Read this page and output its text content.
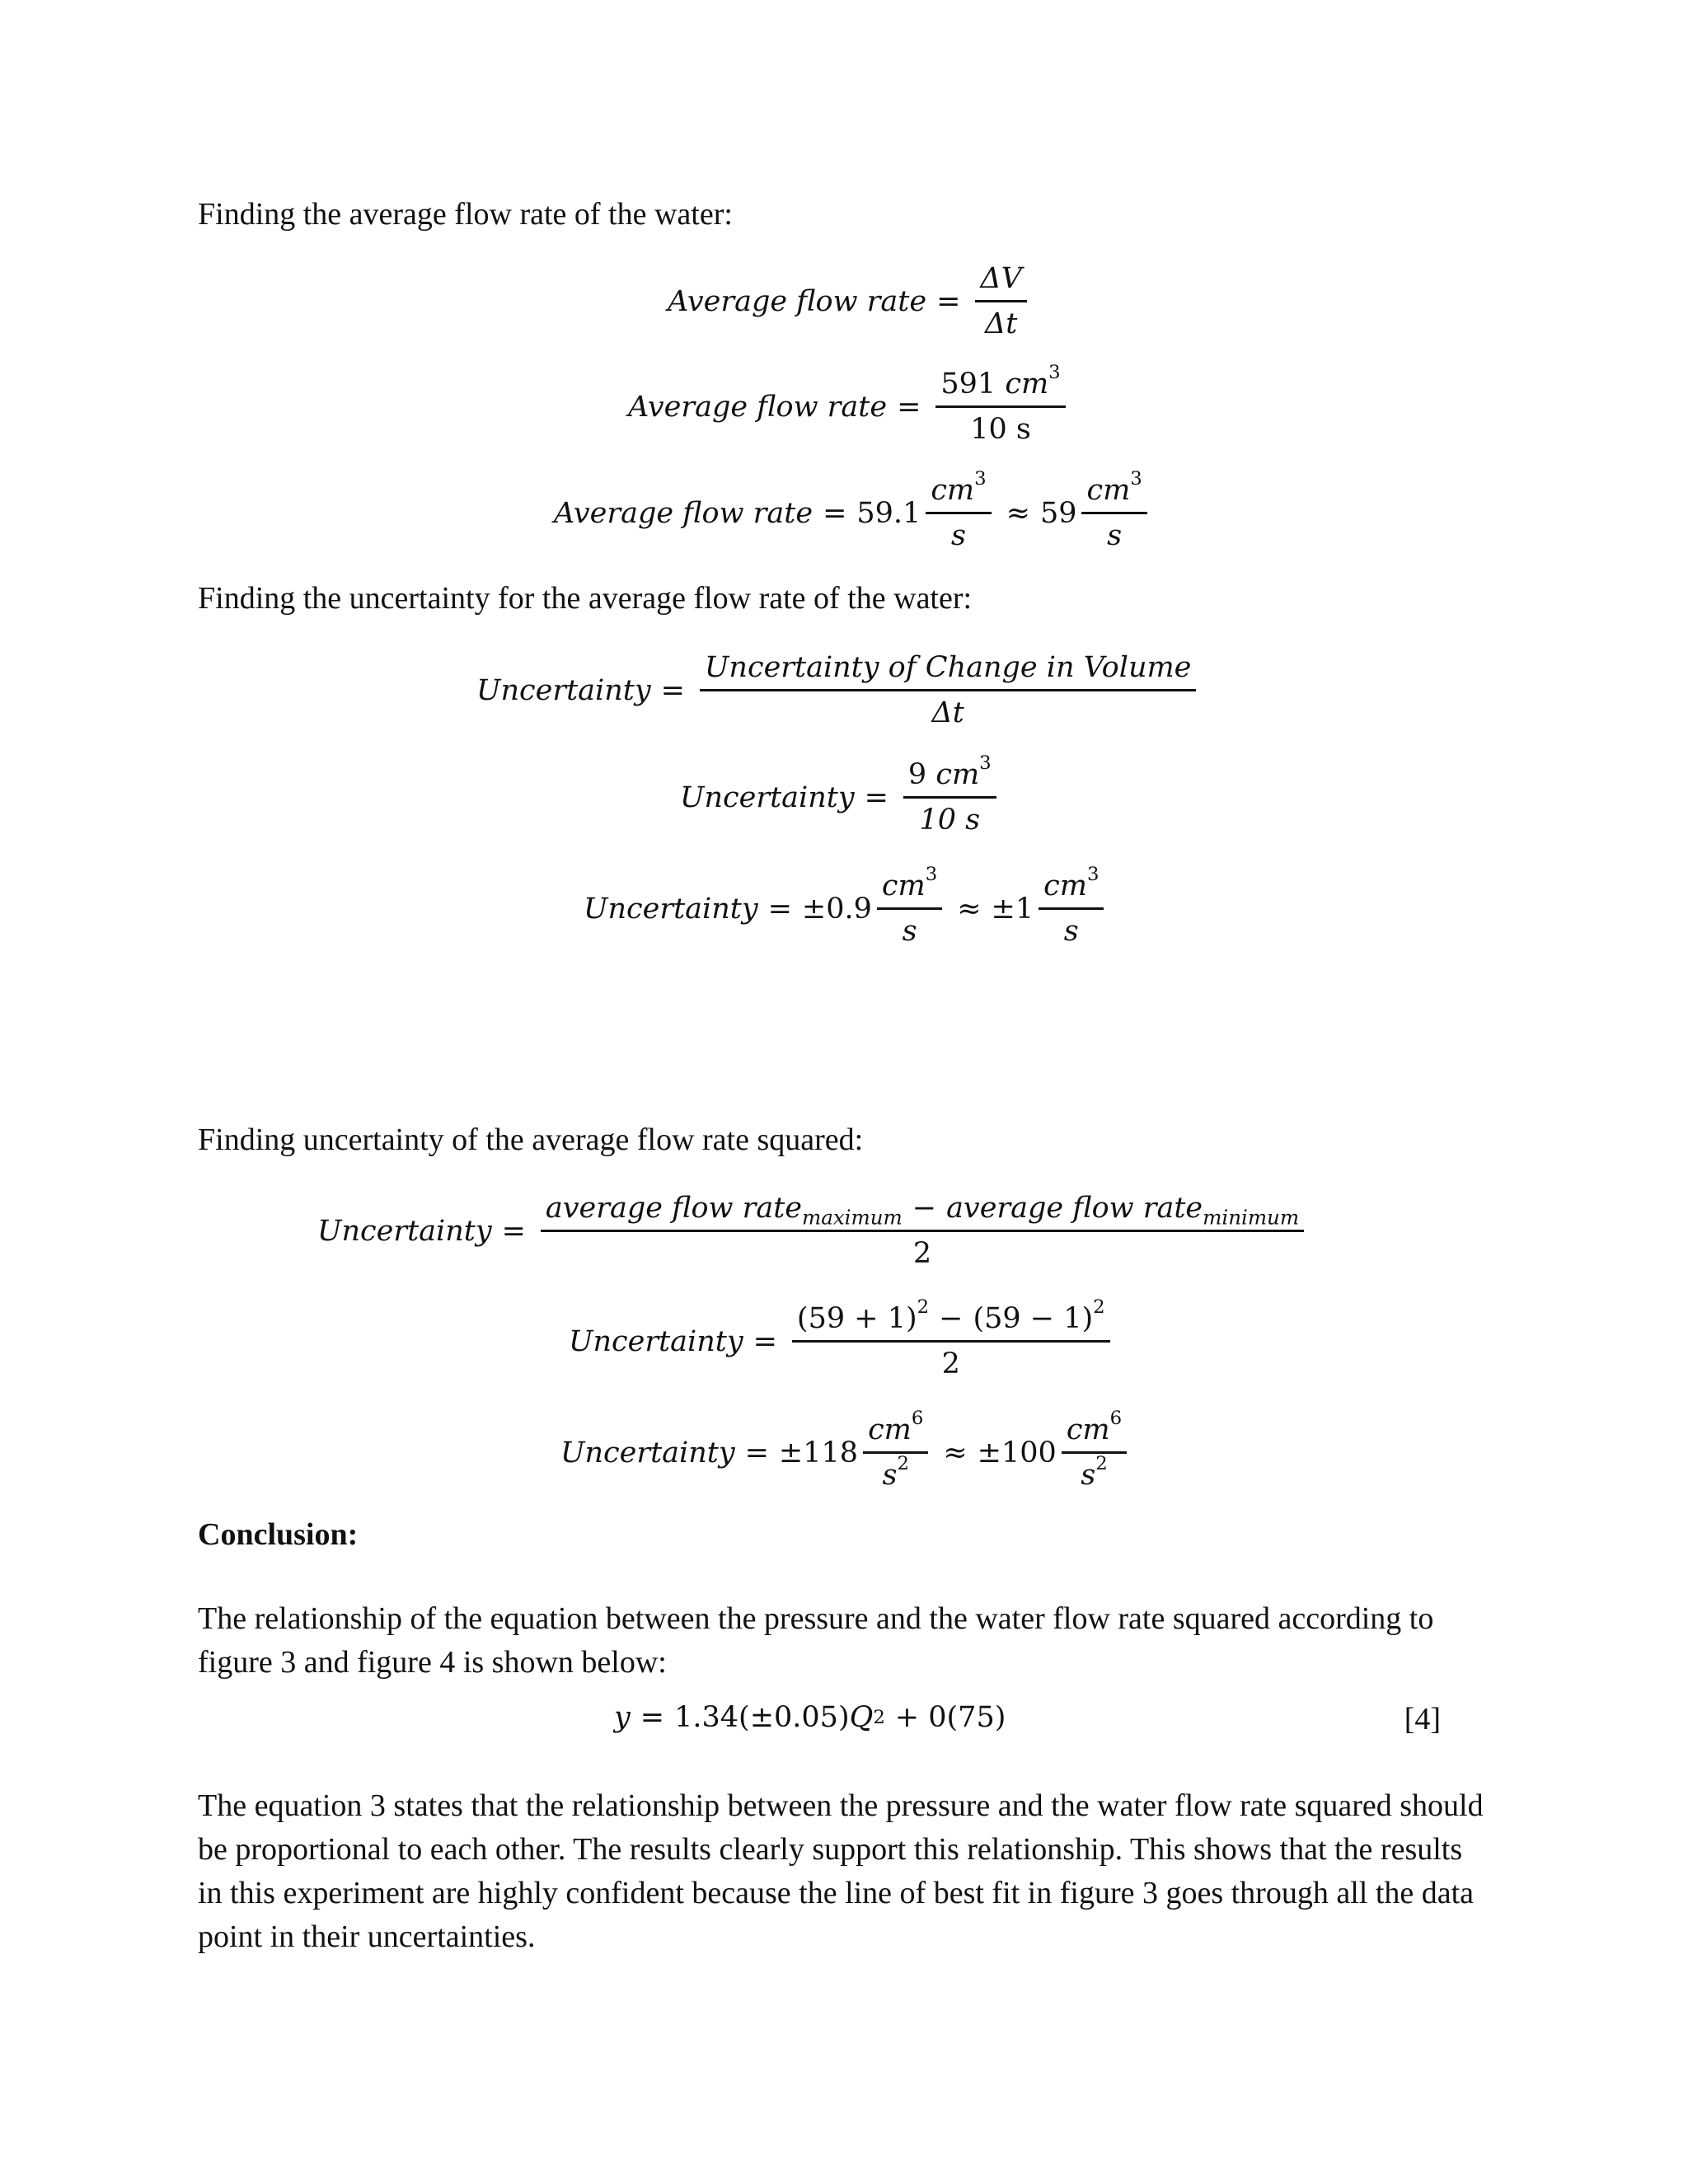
Finding the average flow rate of the water:
Average flow rate = $\frac{\Delta V}{\Delta t}$
Average flow rate = $\frac{591 cm^3}{10 s}$
Average flow rate = $59.1 \frac{cm^3}{s} \approx 59 \frac{cm^3}{s}$
Finding the uncertainty for the average flow rate of the water:
Uncertainty = $\frac{\text{Uncertainty of Change in Volume}}{\Delta t}$
Uncertainty = $\frac{9 cm^3}{10 s}$
Uncertainty = $\pm 0.9 \frac{cm^3}{s} \approx \pm 1 \frac{cm^3}{s}$
Finding uncertainty of the average flow rate squared:
Uncertainty = $\frac{average flow rate_{maximum} - average flow rate_{minimum}}{2}$
Uncertainty = $\frac{(59 + 1)^2 - (59 - 1)^2}{2}$
Uncertainty = $\pm 118 \frac{cm^6}{s^2} \approx \pm 100 \frac{cm^6}{s^2}$
Conclusion:
The relationship of the equation between the pressure and the water flow rate squared according to figure 3 and figure 4 is shown below:
y = 1.34(±0.05) Q 2 + 0(75)	[4]
The equation 3 states that the relationship between the pressure and the water flow rate squared should be proportional to each other. The results clearly support this relationship. This shows that the results in this experiment are highly confident because the line of best fit in figure 3 goes through all the data point in their uncertainties.
